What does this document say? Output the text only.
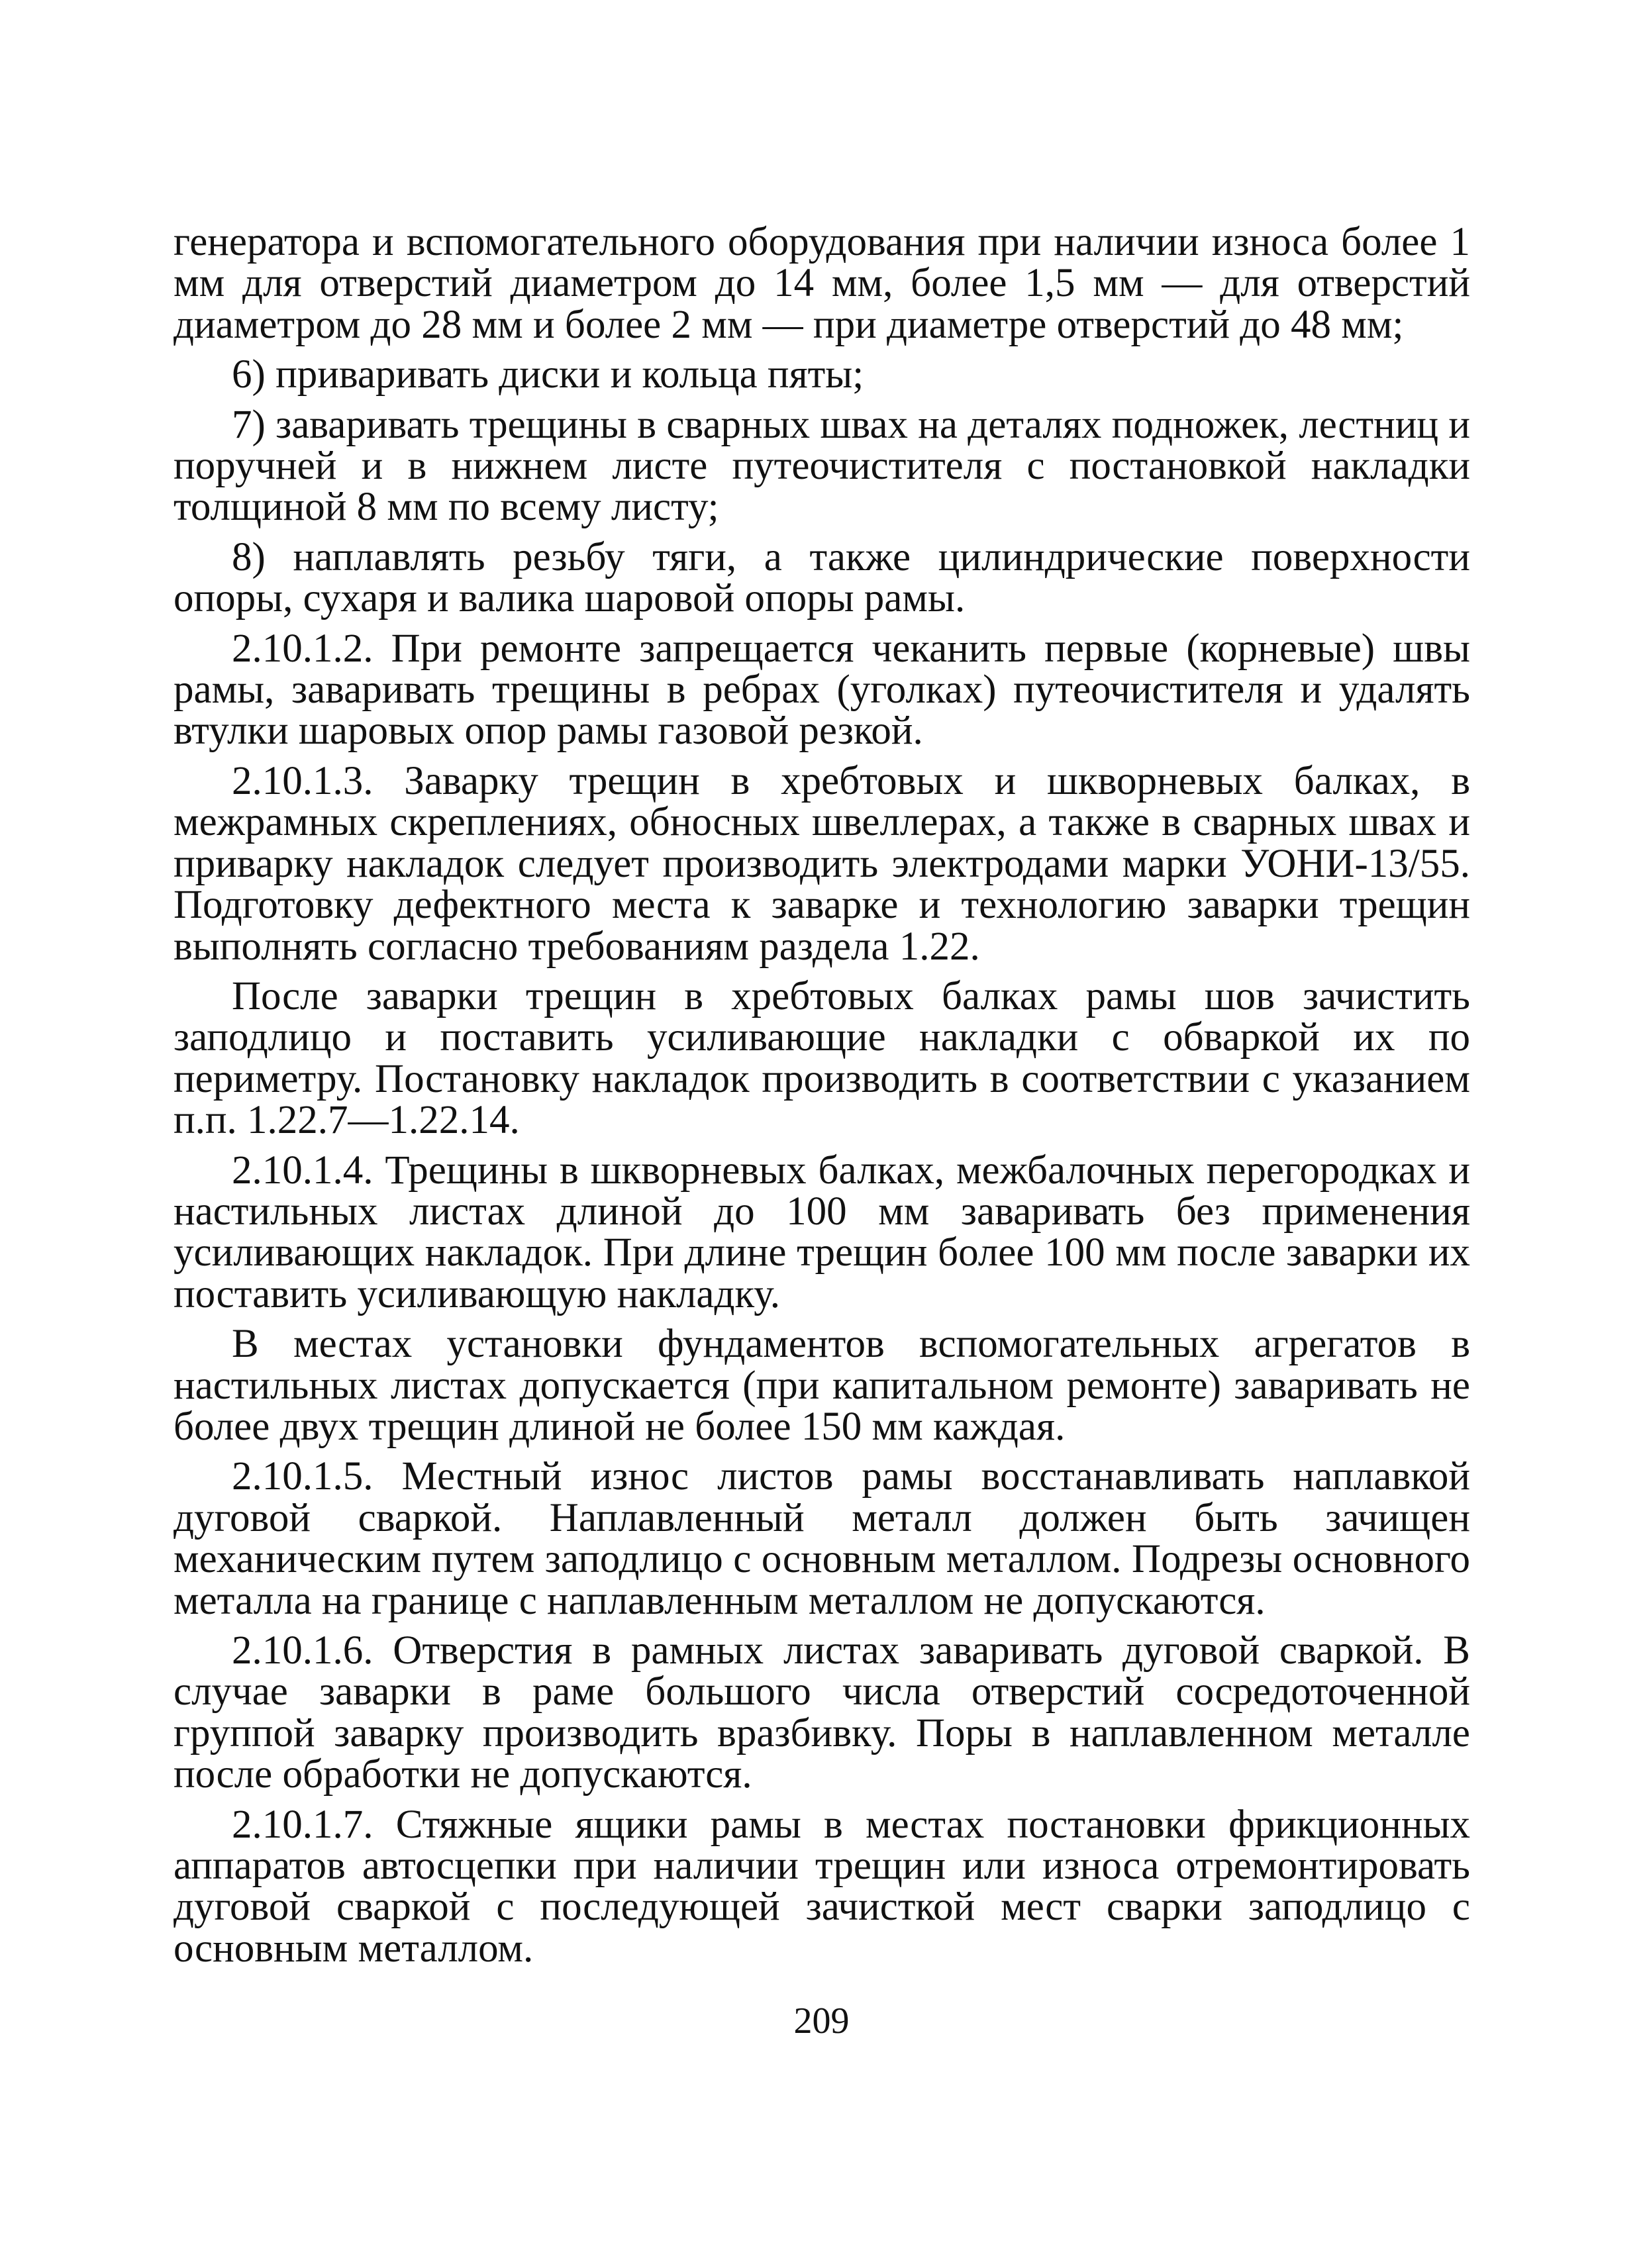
генератора и вспомогательного оборудования при наличии износа более 1 мм для отверстий диаметром до 14 мм, более 1,5 мм — для отверстий диаметром до 28 мм и более 2 мм — при диаметре отверстий до 48 мм;

6) приваривать диски и кольца пяты;

7) заваривать трещины в сварных швах на деталях подножек, лестниц и поручней и в нижнем листе путеочистителя с постановкой накладки толщиной 8 мм по всему листу;

8) наплавлять резьбу тяги, а также цилиндрические поверхности опоры, сухаря и валика шаровой опоры рамы.

2.10.1.2. При ремонте запрещается чеканить первые (корневые) швы рамы, заваривать трещины в ребрах (уголках) путеочистителя и удалять втулки шаровых опор рамы газовой резкой.

2.10.1.3. Заварку трещин в хребтовых и шкворневых балках, в межрамных скреплениях, обносных швеллерах, а также в сварных швах и приварку накладок следует производить электродами марки УОНИ-13/55. Подготовку дефектного места к заварке и технологию заварки трещин выполнять согласно требованиям раздела 1.22.

После заварки трещин в хребтовых балках рамы шов зачистить заподлицо и поставить усиливающие накладки с обваркой их по периметру. Постановку накладок производить в соответствии с указанием п.п. 1.22.7—1.22.14.

2.10.1.4. Трещины в шкворневых балках, межбалочных перегородках и настильных листах длиной до 100 мм заваривать без применения усиливающих накладок. При длине трещин более 100 мм после заварки их поставить усиливающую накладку.

В местах установки фундаментов вспомогательных агрегатов в настильных листах допускается (при капитальном ремонте) заваривать не более двух трещин длиной не более 150 мм каждая.

2.10.1.5. Местный износ листов рамы восстанавливать наплавкой дуговой сваркой. Наплавленный металл должен быть зачищен механическим путем заподлицо с основным металлом. Подрезы основного металла на границе с наплавленным металлом не допускаются.

2.10.1.6. Отверстия в рамных листах заваривать дуговой сваркой. В случае заварки в раме большого числа отверстий сосредоточенной группой заварку производить вразбивку. Поры в наплавленном металле после обработки не допускаются.

2.10.1.7. Стяжные ящики рамы в местах постановки фрикционных аппаратов автосцепки при наличии трещин или износа отремонтировать дуговой сваркой с последующей зачисткой мест сварки заподлицо с основным металлом.

209
